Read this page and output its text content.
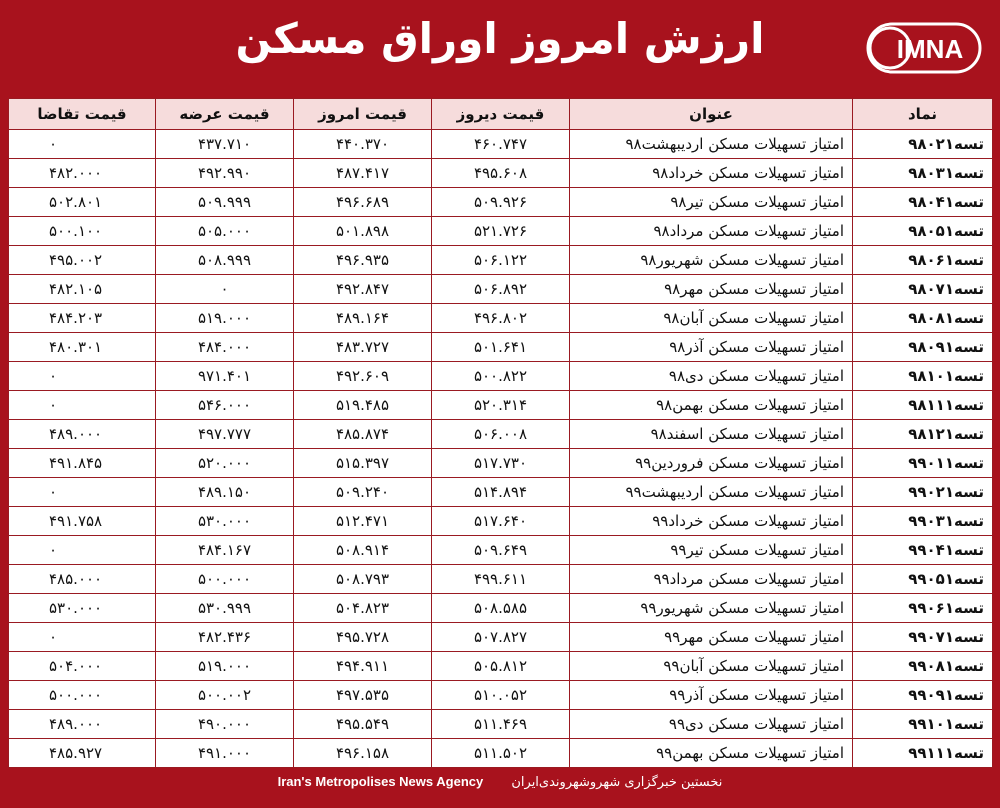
ارزش امروز اوراق مسکن	IMNA
نماد	عنوان	قیمت دیروز	قیمت امروز	قیمت عرضه	قیمت تقاضا
تسه۹۸۰۲۱	امتیاز تسهیلات مسکن اردیبهشت۹۸	۴۶۰.۷۴۷	۴۴۰.۳۷۰	۴۳۷.۷۱۰	۰
تسه۹۸۰۳۱	امتیاز تسهیلات مسکن خرداد۹۸	۴۹۵.۶۰۸	۴۸۷.۴۱۷	۴۹۲.۹۹۰	۴۸۲.۰۰۰
تسه۹۸۰۴۱	امتیاز تسهیلات مسکن تیر۹۸	۵۰۹.۹۲۶	۴۹۶.۶۸۹	۵۰۹.۹۹۹	۵۰۲.۸۰۱
تسه۹۸۰۵۱	امتیاز تسهیلات مسکن مرداد۹۸	۵۲۱.۷۲۶	۵۰۱.۸۹۸	۵۰۵.۰۰۰	۵۰۰.۱۰۰
تسه۹۸۰۶۱	امتیاز تسهیلات مسکن شهریور۹۸	۵۰۶.۱۲۲	۴۹۶.۹۳۵	۵۰۸.۹۹۹	۴۹۵.۰۰۲
تسه۹۸۰۷۱	امتیاز تسهیلات مسکن مهر۹۸	۵۰۶.۸۹۲	۴۹۲.۸۴۷	۰	۴۸۲.۱۰۵
تسه۹۸۰۸۱	امتیاز تسهیلات مسکن آبان۹۸	۴۹۶.۸۰۲	۴۸۹.۱۶۴	۵۱۹.۰۰۰	۴۸۴.۲۰۳
تسه۹۸۰۹۱	امتیاز تسهیلات مسکن آذر۹۸	۵۰۱.۶۴۱	۴۸۳.۷۲۷	۴۸۴.۰۰۰	۴۸۰.۳۰۱
تسه۹۸۱۰۱	امتیاز تسهیلات مسکن دی۹۸	۵۰۰.۸۲۲	۴۹۲.۶۰۹	۹۷۱.۴۰۱	۰
تسه۹۸۱۱۱	امتیاز تسهیلات مسکن بهمن۹۸	۵۲۰.۳۱۴	۵۱۹.۴۸۵	۵۴۶.۰۰۰	۰
تسه۹۸۱۲۱	امتیاز تسهیلات مسکن اسفند۹۸	۵۰۶.۰۰۸	۴۸۵.۸۷۴	۴۹۷.۷۷۷	۴۸۹.۰۰۰
تسه۹۹۰۱۱	امتیاز تسهیلات مسکن فروردین۹۹	۵۱۷.۷۳۰	۵۱۵.۳۹۷	۵۲۰.۰۰۰	۴۹۱.۸۴۵
تسه۹۹۰۲۱	امتیاز تسهیلات مسکن اردیبهشت۹۹	۵۱۴.۸۹۴	۵۰۹.۲۴۰	۴۸۹.۱۵۰	۰
تسه۹۹۰۳۱	امتیاز تسهیلات مسکن خرداد۹۹	۵۱۷.۶۴۰	۵۱۲.۴۷۱	۵۳۰.۰۰۰	۴۹۱.۷۵۸
تسه۹۹۰۴۱	امتیاز تسهیلات مسکن تیر۹۹	۵۰۹.۶۴۹	۵۰۸.۹۱۴	۴۸۴.۱۶۷	۰
تسه۹۹۰۵۱	امتیاز تسهیلات مسکن مرداد۹۹	۴۹۹.۶۱۱	۵۰۸.۷۹۳	۵۰۰.۰۰۰	۴۸۵.۰۰۰
تسه۹۹۰۶۱	امتیاز تسهیلات مسکن شهریور۹۹	۵۰۸.۵۸۵	۵۰۴.۸۲۳	۵۳۰.۹۹۹	۵۳۰.۰۰۰
تسه۹۹۰۷۱	امتیاز تسهیلات مسکن مهر۹۹	۵۰۷.۸۲۷	۴۹۵.۷۲۸	۴۸۲.۴۳۶	۰
تسه۹۹۰۸۱	امتیاز تسهیلات مسکن آبان۹۹	۵۰۵.۸۱۲	۴۹۴.۹۱۱	۵۱۹.۰۰۰	۵۰۴.۰۰۰
تسه۹۹۰۹۱	امتیاز تسهیلات مسکن آذر۹۹	۵۱۰.۰۵۲	۴۹۷.۵۳۵	۵۰۰.۰۰۲	۵۰۰.۰۰۰
تسه۹۹۱۰۱	امتیاز تسهیلات مسکن دی۹۹	۵۱۱.۴۶۹	۴۹۵.۵۴۹	۴۹۰.۰۰۰	۴۸۹.۰۰۰
تسه۹۹۱۱۱	امتیاز تسهیلات مسکن بهمن۹۹	۵۱۱.۵۰۲	۴۹۶.۱۵۸	۴۹۱.۰۰۰	۴۸۵.۹۲۷
Iran's Metropolises News Agency نخستین خبرگزاری شهروشهروندی‌ایران
